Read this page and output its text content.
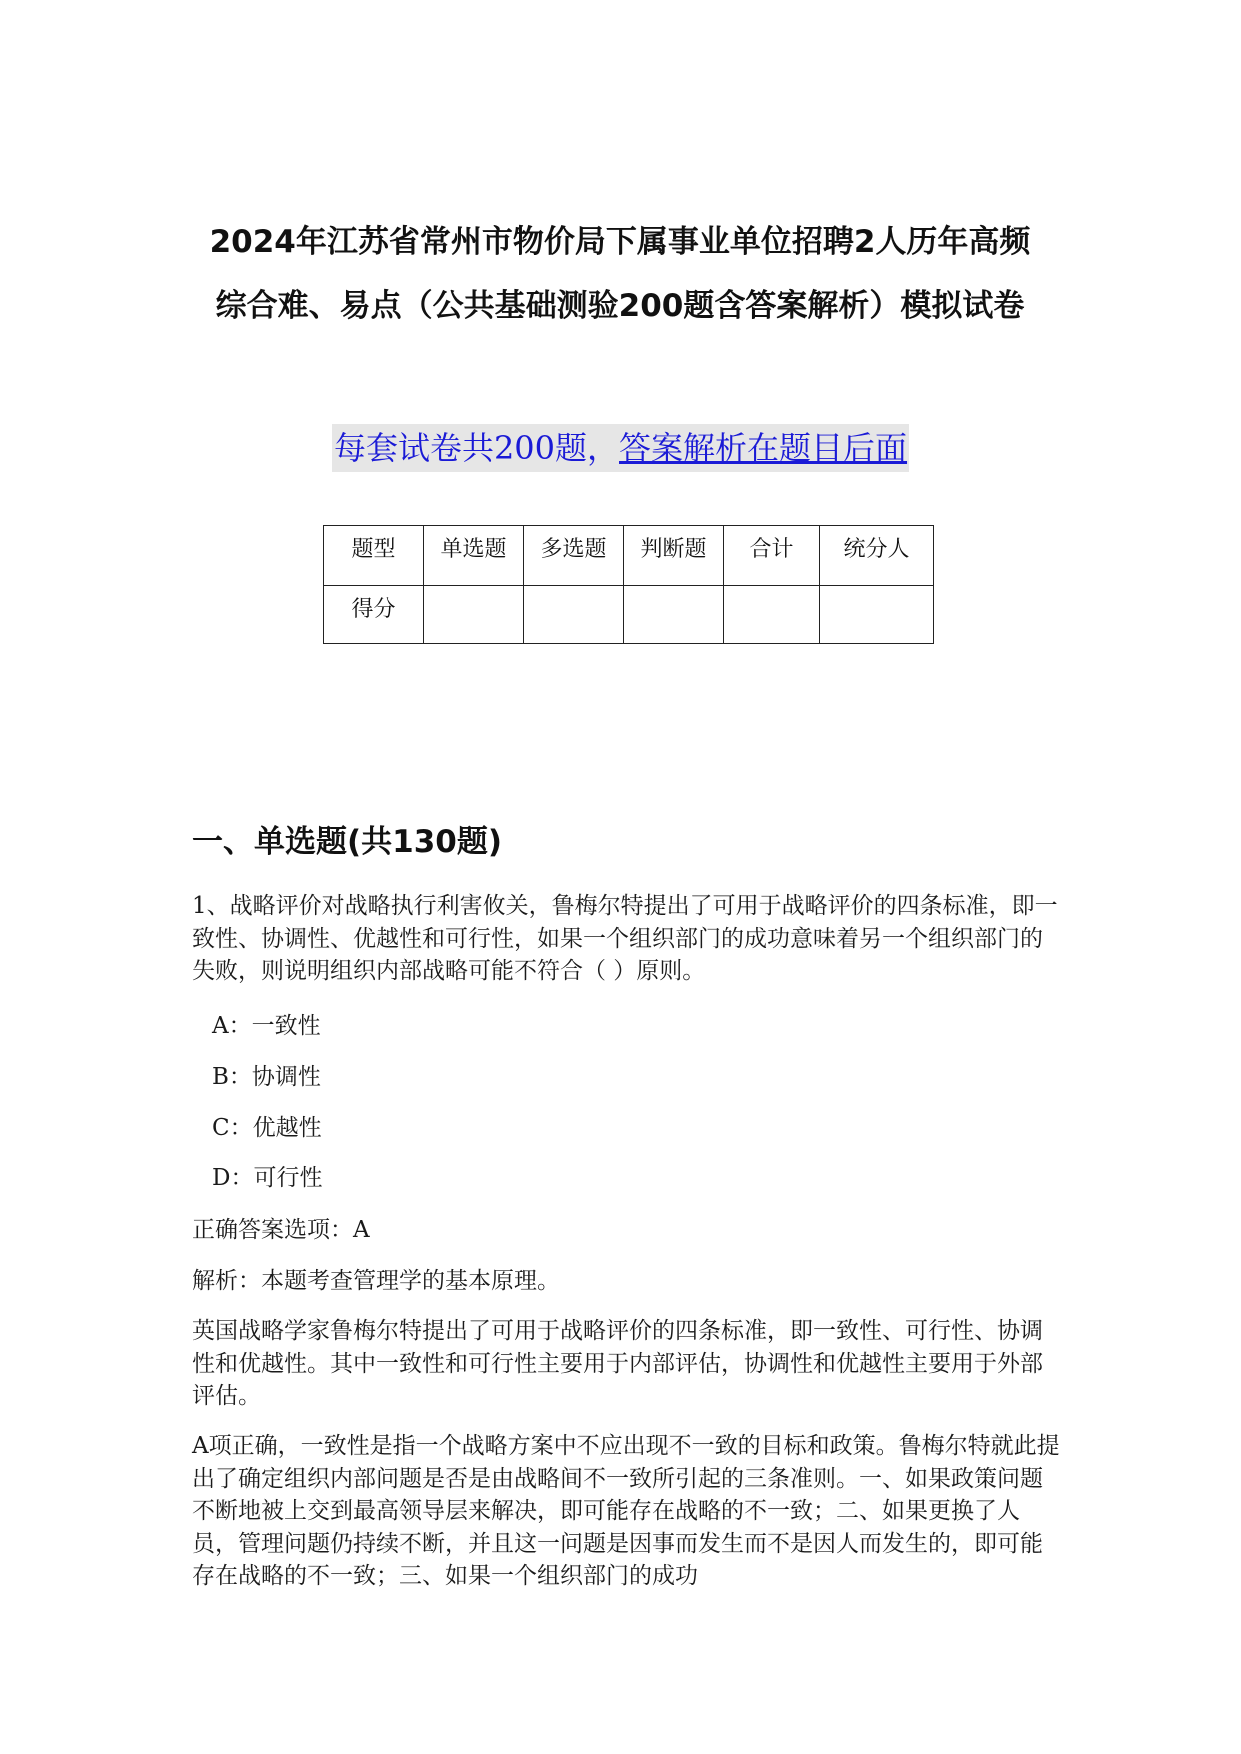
2024年江苏省常州市物价局下属事业单位招聘2人历年高频
综合难、易点（公共基础测验200题含答案解析）模拟试卷
每套试卷共200题，答案解析在题目后面
题型	单选题	多选题	判断题	合计	统分人
得分					
一、单选题(共130题)
1、战略评价对战略执行利害攸关，鲁梅尔特提出了可用于战略评价的四条标准，即一致性、协调性、优越性和可行性，如果一个组织部门的成功意味着另一个组织部门的失败，则说明组织内部战略可能不符合（ ）原则。
A：一致性
B：协调性
C：优越性
D：可行性
正确答案选项：A
解析：本题考查管理学的基本原理。
英国战略学家鲁梅尔特提出了可用于战略评价的四条标准，即一致性、可行性、协调性和优越性。其中一致性和可行性主要用于内部评估，协调性和优越性主要用于外部评估。
A项正确，一致性是指一个战略方案中不应出现不一致的目标和政策。鲁梅尔特就此提出了确定组织内部问题是否是由战略间不一致所引起的三条准则。一、如果政策问题不断地被上交到最高领导层来解决，即可能存在战略的不一致；二、如果更换了人员，管理问题仍持续不断，并且这一问题是因事而发生而不是因人而发生的，即可能存在战略的不一致；三、如果一个组织部门的成功
